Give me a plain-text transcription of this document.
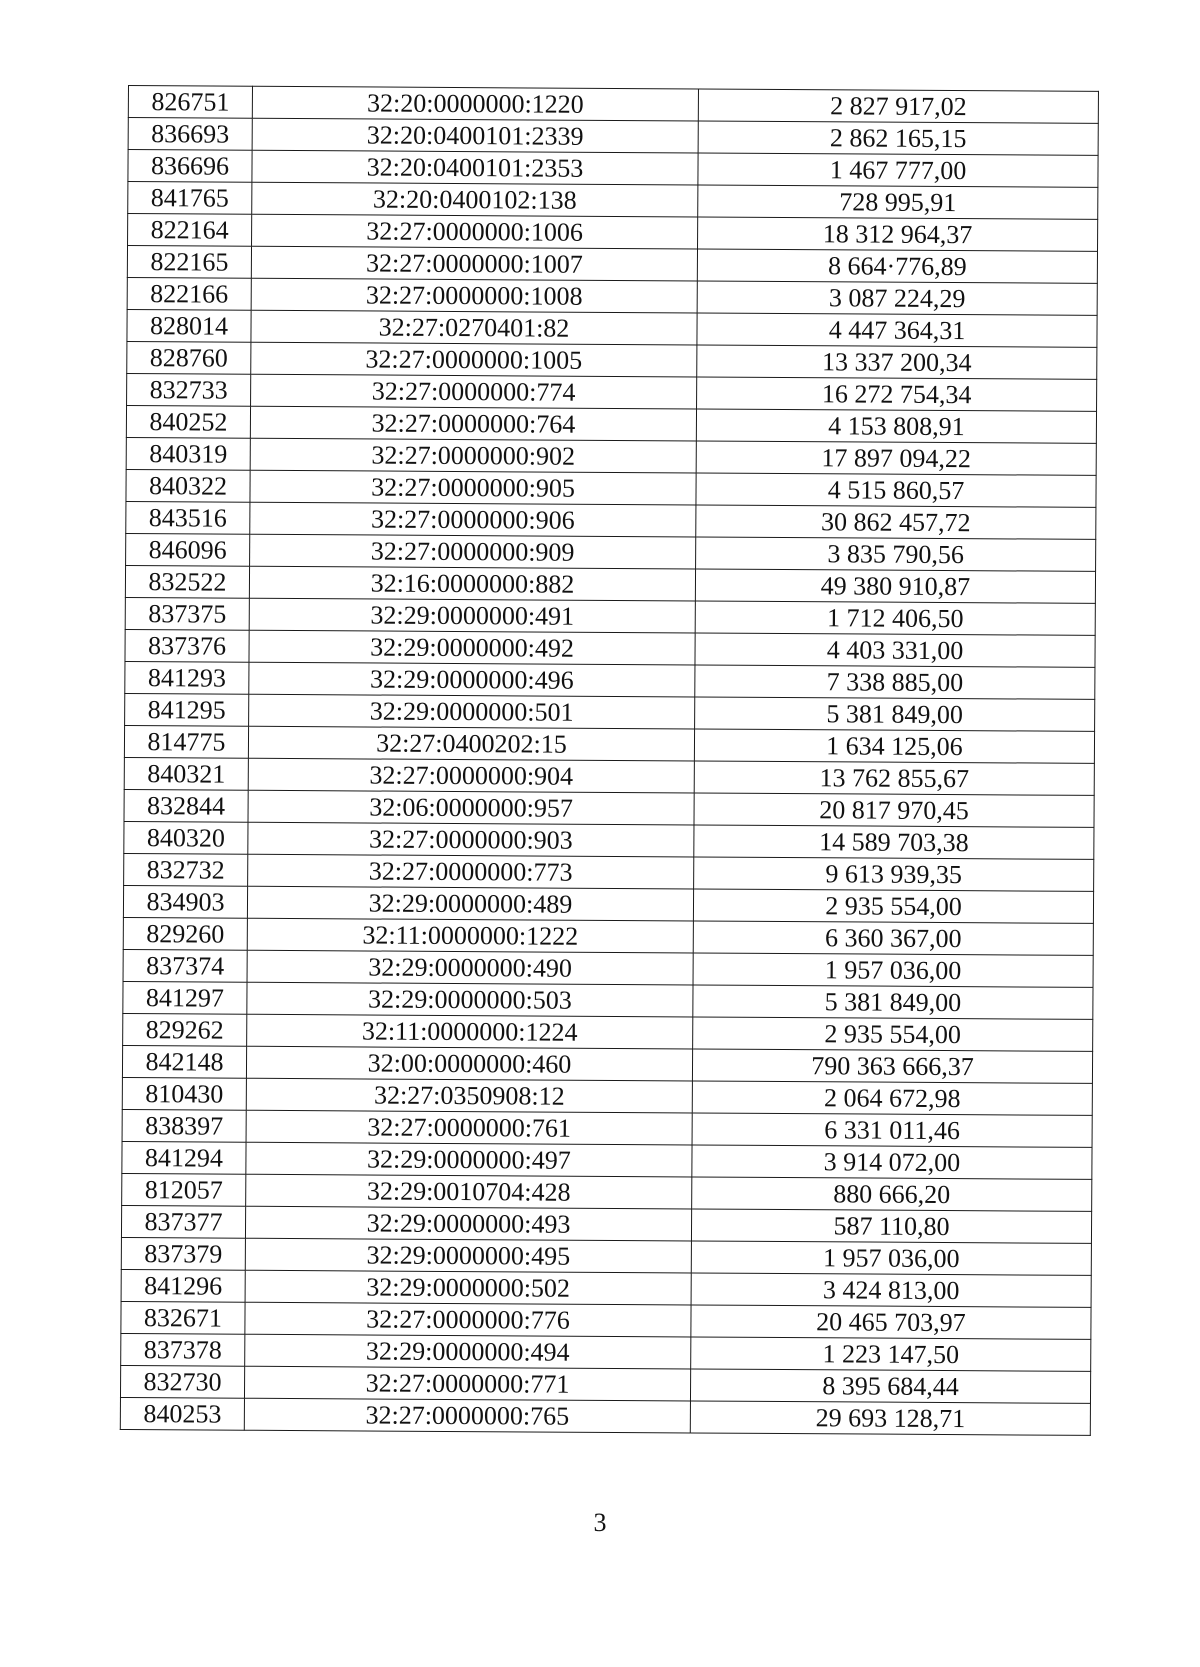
826751	32:20:0000000:1220	2 827 917,02
836693	32:20:0400101:2339	2 862 165,15
836696	32:20:0400101:2353	1 467 777,00
841765	32:20:0400102:138	728 995,91
822164	32:27:0000000:1006	18 312 964,37
822165	32:27:0000000:1007	8 664·776,89
822166	32:27:0000000:1008	3 087 224,29
828014	32:27:0270401:82	4 447 364,31
828760	32:27:0000000:1005	13 337 200,34
832733	32:27:0000000:774	16 272 754,34
840252	32:27:0000000:764	4 153 808,91
840319	32:27:0000000:902	17 897 094,22
840322	32:27:0000000:905	4 515 860,57
843516	32:27:0000000:906	30 862 457,72
846096	32:27:0000000:909	3 835 790,56
832522	32:16:0000000:882	49 380 910,87
837375	32:29:0000000:491	1 712 406,50
837376	32:29:0000000:492	4 403 331,00
841293	32:29:0000000:496	7 338 885,00
841295	32:29:0000000:501	5 381 849,00
814775	32:27:0400202:15	1 634 125,06
840321	32:27:0000000:904	13 762 855,67
832844	32:06:0000000:957	20 817 970,45
840320	32:27:0000000:903	14 589 703,38
832732	32:27:0000000:773	9 613 939,35
834903	32:29:0000000:489	2 935 554,00
829260	32:11:0000000:1222	6 360 367,00
837374	32:29:0000000:490	1 957 036,00
841297	32:29:0000000:503	5 381 849,00
829262	32:11:0000000:1224	2 935 554,00
842148	32:00:0000000:460	790 363 666,37
810430	32:27:0350908:12	2 064 672,98
838397	32:27:0000000:761	6 331 011,46
841294	32:29:0000000:497	3 914 072,00
812057	32:29:0010704:428	880 666,20
837377	32:29:0000000:493	587 110,80
837379	32:29:0000000:495	1 957 036,00
841296	32:29:0000000:502	3 424 813,00
832671	32:27:0000000:776	20 465 703,97
837378	32:29:0000000:494	1 223 147,50
832730	32:27:0000000:771	8 395 684,44
840253	32:27:0000000:765	29 693 128,71
3
